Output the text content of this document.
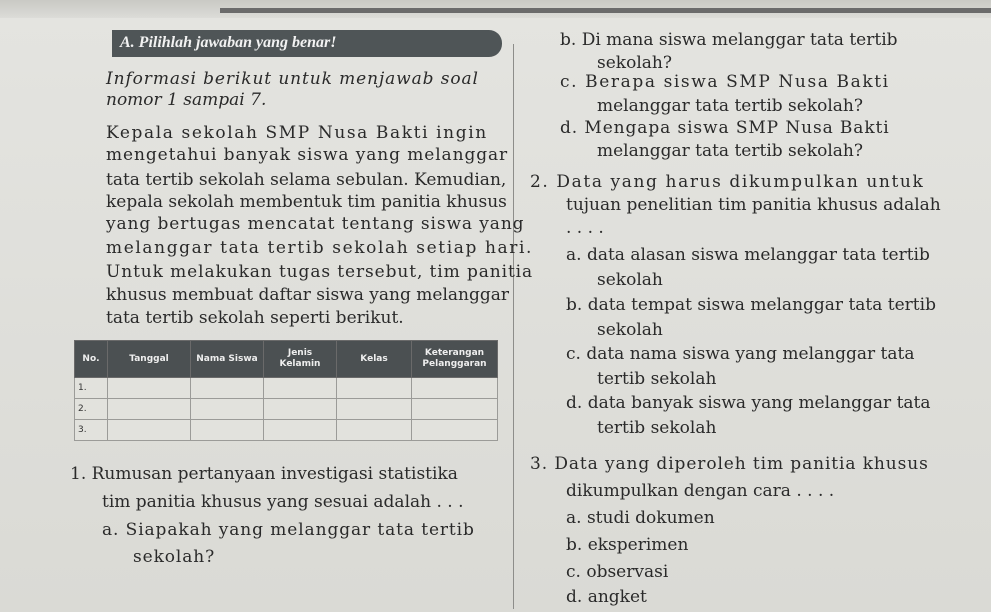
A. Pilihlah jawaban yang benar!
Informasi berikut untuk menjawab soal
nomor 1 sampai 7.
Kepala sekolah SMP Nusa Bakti ingin
mengetahui banyak siswa yang melanggar
tata tertib sekolah selama sebulan. Kemudian,
kepala sekolah membentuk tim panitia khusus
yang bertugas mencatat tentang siswa yang
melanggar tata tertib sekolah setiap hari.
Untuk melakukan tugas tersebut, tim panitia
khusus membuat daftar siswa yang melanggar
tata tertib sekolah seperti berikut.
No.	Tanggal	Nama Siswa	Jenis Kelamin	Kelas	Keterangan Pelanggaran
1.					
2.					
3.					
1. Rumusan pertanyaan investigasi statistika
tim panitia khusus yang sesuai adalah . . .
a. Siapakah yang melanggar tata tertib
sekolah?
b. Di mana siswa melanggar tata tertib
sekolah?
c. Berapa siswa SMP Nusa Bakti
melanggar tata tertib sekolah?
d. Mengapa siswa SMP Nusa Bakti
melanggar tata tertib sekolah?
2. Data yang harus dikumpulkan untuk
tujuan penelitian tim panitia khusus adalah
. . . .
a. data alasan siswa melanggar tata tertib
sekolah
b. data tempat siswa melanggar tata tertib
sekolah
c. data nama siswa yang melanggar tata
tertib sekolah
d. data banyak siswa yang melanggar tata
tertib sekolah
3. Data yang diperoleh tim panitia khusus
dikumpulkan dengan cara . . . .
a. studi dokumen
b. eksperimen
c. observasi
d. angket
